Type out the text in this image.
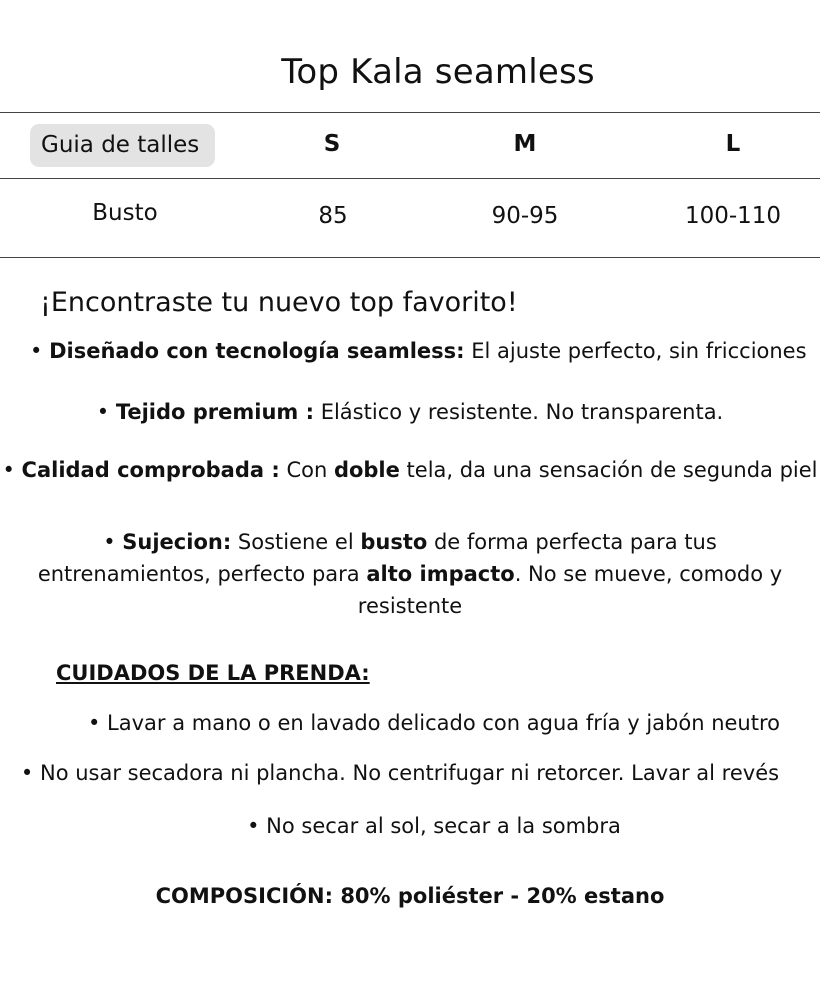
Top Kala seamless
Guia de talles	S	M	L
Busto	85	90-95	100-110
¡Encontraste tu nuevo top favorito!
• Diseñado con tecnología seamless: El ajuste perfecto, sin fricciones
• Tejido premium : Elástico y resistente. No transparenta.
• Calidad comprobada : Con doble tela, da una sensación de segunda piel
• Sujecion: Sostiene el busto de forma perfecta para tus
entrenamientos, perfecto para alto impacto. No se mueve, comodo y
resistente
CUIDADOS DE LA PRENDA:
• Lavar a mano o en lavado delicado con agua fría y jabón neutro
• No usar secadora ni plancha. No centrifugar ni retorcer. Lavar al revés
• No secar al sol, secar a la sombra
COMPOSICIÓN: 80% poliéster - 20% estano
